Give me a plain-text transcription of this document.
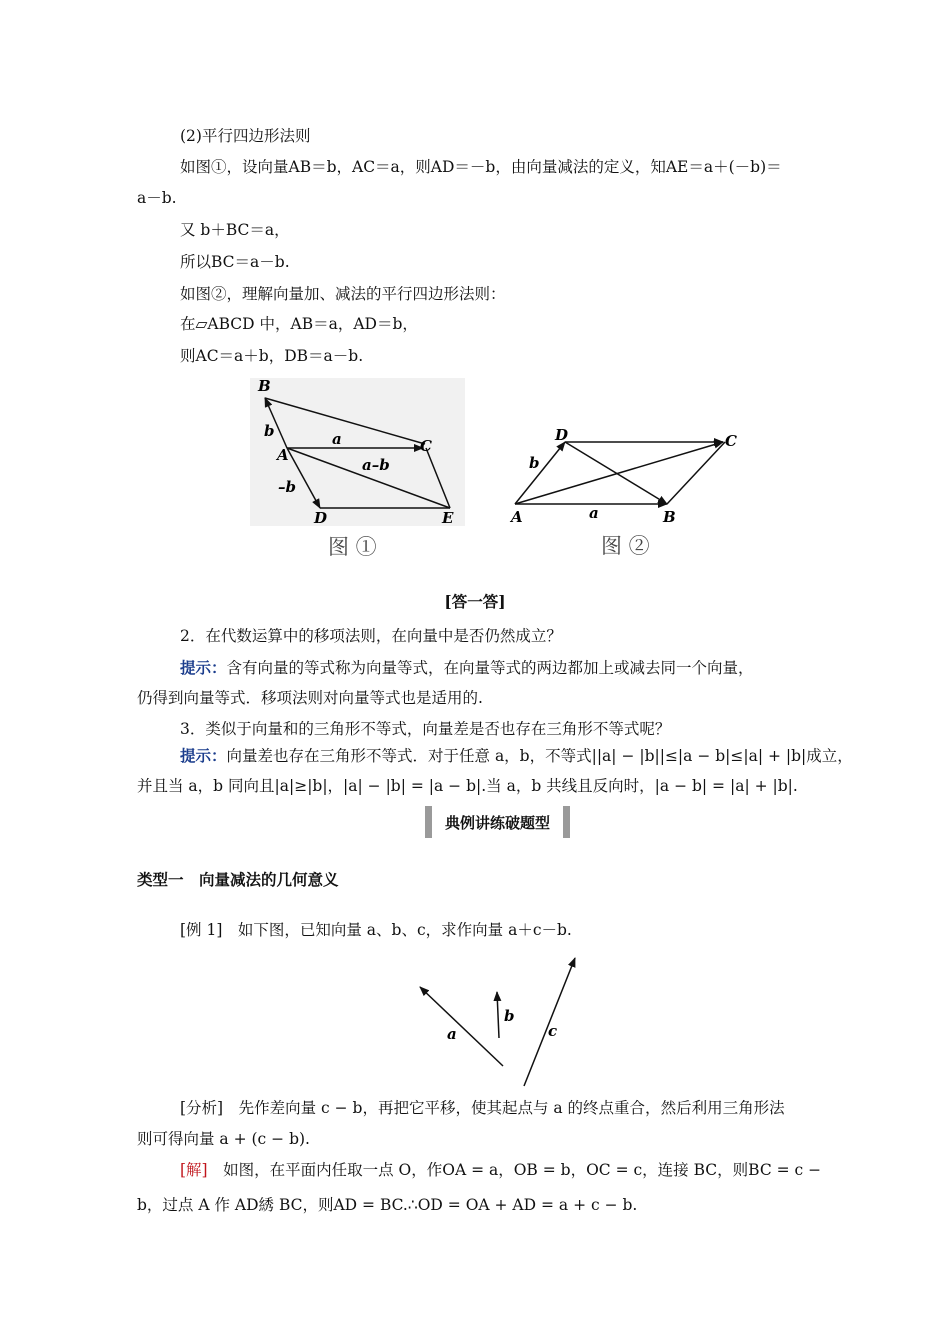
(2)平行四边形法则
如图①，设向量AB＝b，AC＝a，则AD＝－b，由向量减法的定义，知AE＝a＋(－b)＝
a－b.
又 b＋BC＝a，
所以BC＝a－b.
如图②，理解向量加、减法的平行四边形法则：
在▱ABCD 中，AB＝a，AD＝b，
则AC＝a＋b，DB＝a－b.
B
b	a
A	C
a–b
–b
D	E
图 ①
D	C
b
a
A	B
图 ②
[答一答]
2．在代数运算中的移项法则，在向量中是否仍然成立？
提示：含有向量的等式称为向量等式，在向量等式的两边都加上或减去同一个向量，
仍得到向量等式．移项法则对向量等式也是适用的.
3．类似于向量和的三角形不等式，向量差是否也存在三角形不等式呢？
提示：向量差也存在三角形不等式．对于任意 a，b，不等式||a| − |b||≤|a − b|≤|a| + |b|成立，
并且当 a，b 同向且|a|≥|b|，|a| − |b| = |a − b|.当 a，b 共线且反向时，|a − b| = |a| + |b|.
典例讲练破题型
类型一　向量减法的几何意义
[例 1]　如下图，已知向量 a、b、c，求作向量 a＋c－b.
a
b
c
[分析]　先作差向量 c − b，再把它平移，使其起点与 a 的终点重合，然后利用三角形法
则可得向量 a + (c − b).
[解]　如图，在平面内任取一点 O，作OA = a，OB = b，OC = c，连接 BC，则BC = c −
b，过点 A 作 AD綉 BC，则AD = BC.∴OD = OA + AD = a + c − b.
